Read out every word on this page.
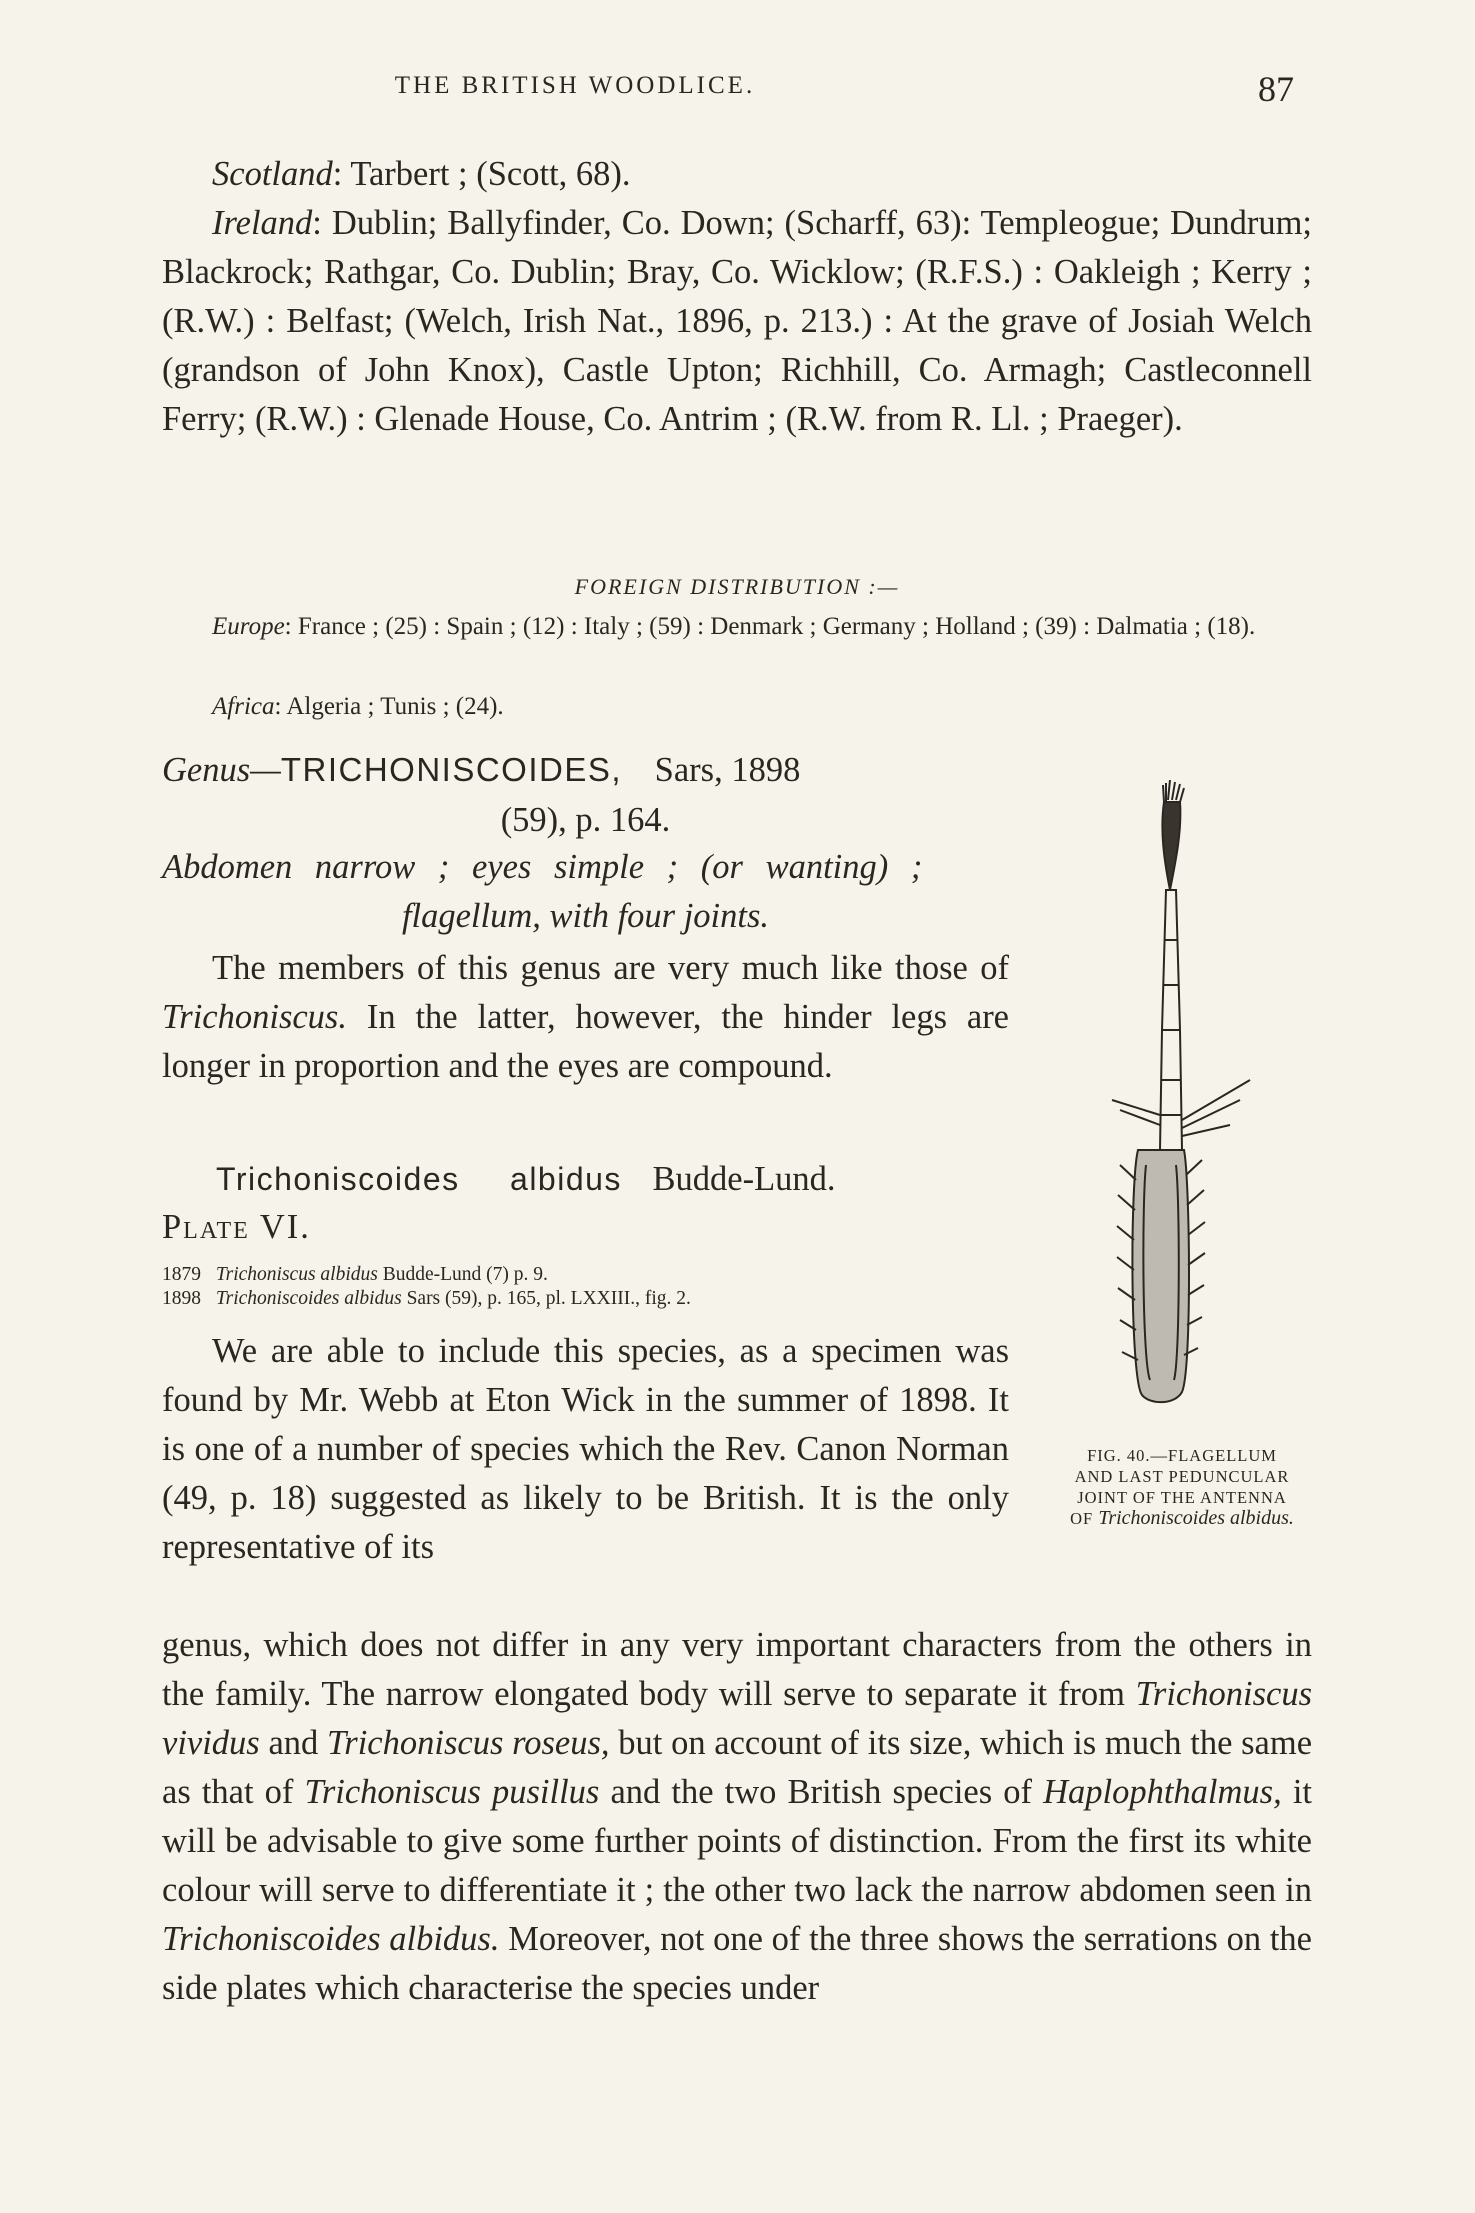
THE BRITISH WOODLICE.	87

Scotland: Tarbert ; (Scott, 68).

Ireland: Dublin; Ballyfinder, Co. Down; (Scharff, 63): Templeogue; Dundrum; Blackrock; Rathgar, Co. Dublin; Bray, Co. Wicklow; (R.F.S.) : Oakleigh ; Kerry ; (R.W.) : Belfast; (Welch, Irish Nat., 1896, p. 213.) : At the grave of Josiah Welch (grandson of John Knox), Castle Upton; Richhill, Co. Armagh; Castleconnell Ferry; (R.W.) : Glenade House, Co. Antrim ; (R.W. from R. Ll. ; Praeger).

FOREIGN DISTRIBUTION :—

Europe: France ; (25) : Spain ; (12) : Italy ; (59) : Denmark ; Germany ; Holland ; (39) : Dalmatia ; (18).

Africa: Algeria ; Tunis ; (24).

Genus—TRICHONISCOIDES, Sars, 1898
(59), p. 164.
Abdomen narrow ; eyes simple ; (or wanting) ;
flagellum, with four joints.

The members of this genus are very much like those of Trichoniscus. In the latter, however, the hinder legs are longer in proportion and the eyes are compound.

Trichoniscoides albidus Budde-Lund.
Plate VI.
1879 Trichoniscus albidus Budde-Lund (7) p. 9.
1898 Trichoniscoides albidus Sars (59), p. 165, pl. LXXIII., fig. 2.

We are able to include this species, as a specimen was found by Mr. Webb at Eton Wick in the summer of 1898. It is one of a number of species which the Rev. Canon Norman (49, p. 18) suggested as likely to be British. It is the only representative of its

genus, which does not differ in any very important characters from the others in the family. The narrow elongated body will serve to separate it from Trichoniscus vividus and Trichoniscus roseus, but on account of its size, which is much the same as that of Trichoniscus pusillus and the two British species of Haplophthalmus, it will be advisable to give some further points of distinction. From the first its white colour will serve to differentiate it ; the other two lack the narrow abdomen seen in Trichoniscoides albidus. Moreover, not one of the three shows the serrations on the side plates which characterise the species under

FIG. 40.—FLAGELLUM
AND LAST PEDUNCULAR
JOINT OF THE ANTENNA
OF Trichoniscoides albidus.
